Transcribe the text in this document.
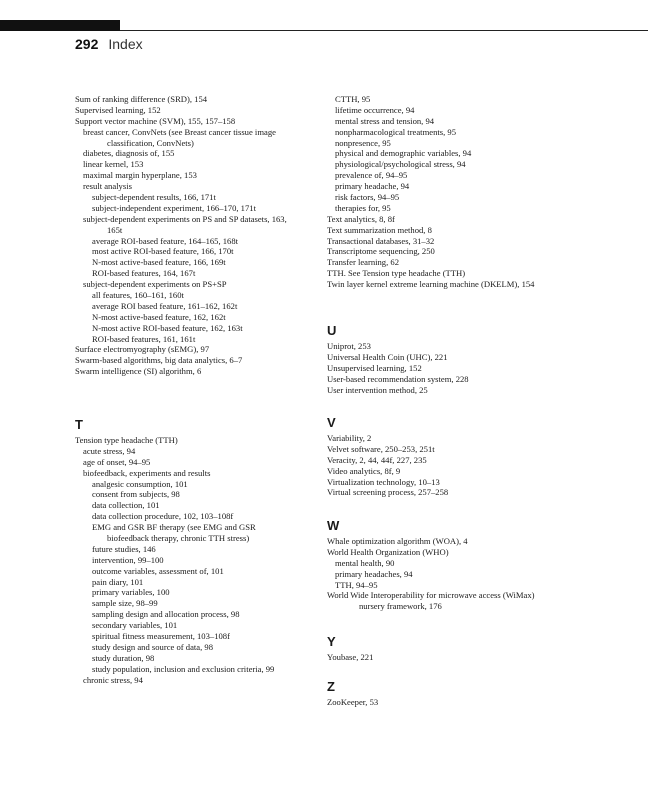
292 Index
Sum of ranking difference (SRD), 154
Supervised learning, 152
Support vector machine (SVM), 155, 157–158
breast cancer, ConvNets (see Breast cancer tissue image
classification, ConvNets)
diabetes, diagnosis of, 155
linear kernel, 153
maximal margin hyperplane, 153
result analysis
subject-dependent results, 166, 171t
subject-independent experiment, 166–170, 171t
subject-dependent experiments on PS and SP datasets, 163,
165t
average ROI-based feature, 164–165, 168t
most active ROI-based feature, 166, 170t
N-most active-based feature, 166, 169t
ROI-based features, 164, 167t
subject-dependent experiments on PS+SP
all features, 160–161, 160t
average ROI based feature, 161–162, 162t
N-most active-based feature, 162, 162t
N-most active ROI-based feature, 162, 163t
ROI-based features, 161, 161t
Surface electromyography (sEMG), 97
Swarm-based algorithms, big data analytics, 6–7
Swarm intelligence (SI) algorithm, 6
T
Tension type headache (TTH)
acute stress, 94
age of onset, 94–95
biofeedback, experiments and results
analgesic consumption, 101
consent from subjects, 98
data collection, 101
data collection procedure, 102, 103–108f
EMG and GSR BF therapy (see EMG and GSR
biofeedback therapy, chronic TTH stress)
future studies, 146
intervention, 99–100
outcome variables, assessment of, 101
pain diary, 101
primary variables, 100
sample size, 98–99
sampling design and allocation process, 98
secondary variables, 101
spiritual fitness measurement, 103–108f
study design and source of data, 98
study duration, 98
study population, inclusion and exclusion criteria, 99
chronic stress, 94
CTTH, 95
lifetime occurrence, 94
mental stress and tension, 94
nonpharmacological treatments, 95
nonpresence, 95
physical and demographic variables, 94
physiological/psychological stress, 94
prevalence of, 94–95
primary headache, 94
risk factors, 94–95
therapies for, 95
Text analytics, 8, 8f
Text summarization method, 8
Transactional databases, 31–32
Transcriptome sequencing, 250
Transfer learning, 62
TTH. See Tension type headache (TTH)
Twin layer kernel extreme learning machine (DKELM), 154
U
Uniprot, 253
Universal Health Coin (UHC), 221
Unsupervised learning, 152
User-based recommendation system, 228
User intervention method, 25
V
Variability, 2
Velvet software, 250–253, 251t
Veracity, 2, 44, 44f, 227, 235
Video analytics, 8f, 9
Virtualization technology, 10–13
Virtual screening process, 257–258
W
Whale optimization algorithm (WOA), 4
World Health Organization (WHO)
mental health, 90
primary headaches, 94
TTH, 94–95
World Wide Interoperability for microwave access (WiMax)
nursery framework, 176
Y
Youbase, 221
Z
ZooKeeper, 53
